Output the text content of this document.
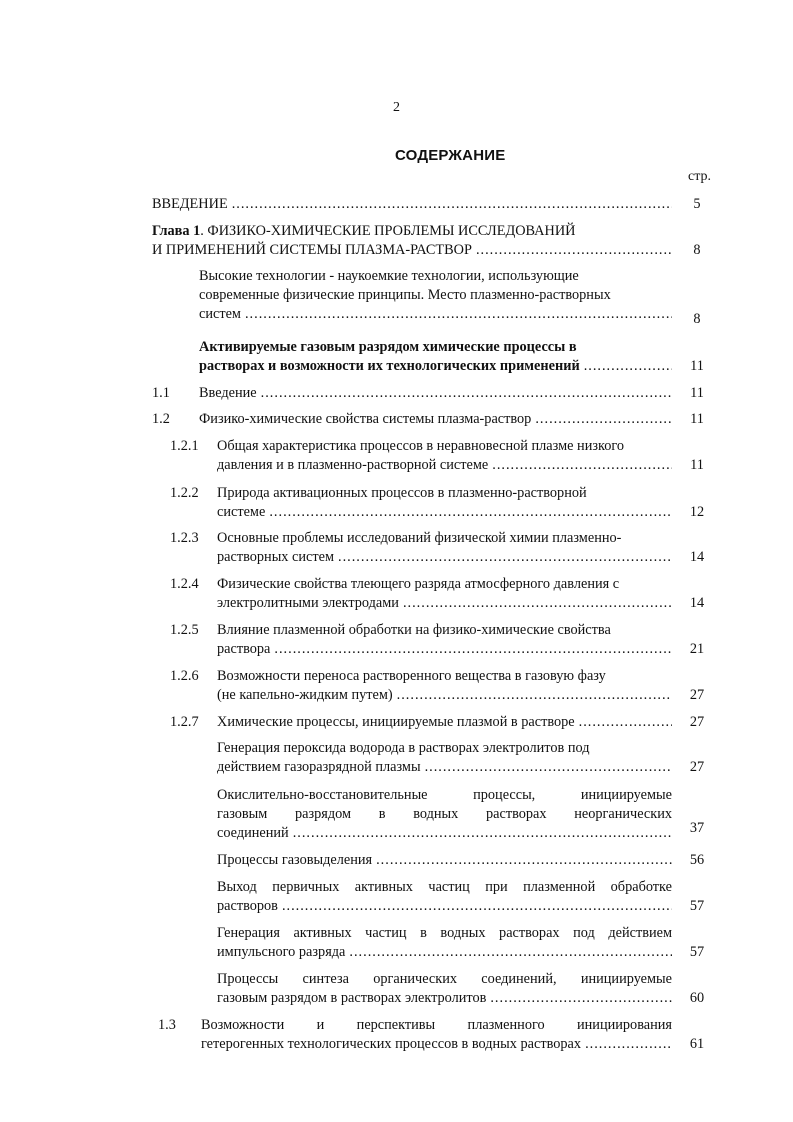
2
СОДЕРЖАНИЕ
стр.
ВВЕДЕНИЕ .....	5
Глава 1. ФИЗИКО-ХИМИЧЕСКИЕ ПРОБЛЕМЫ ИССЛЕДОВАНИЙ
И ПРИМЕНЕНИЙ СИСТЕМЫ ПЛАЗМА-РАСТВОР .....	8
Высокие технологии - наукоемкие технологии, использующие
современные физические принципы. Место плазменно-растворных
систем .....	8
Активируемые газовым разрядом химические процессы в
растворах и возможности их технологических применений .....	11
1.1 Введение .....	11
1.2 Физико-химические свойства системы плазма-раствор .....	11
1.2.1 Общая характеристика процессов в неравновесной плазме низкого
давления и в плазменно-растворной системе .....	11
1.2.2 Природа активационных процессов в плазменно-растворной
системе .....	12
1.2.3 Основные проблемы исследований физической химии плазменно-
растворных систем .....	14
1.2.4 Физические свойства тлеющего разряда атмосферного давления с
электролитными электродами .....	14
1.2.5 Влияние плазменной обработки на физико-химические свойства
раствора .....	21
1.2.6 Возможности переноса растворенного вещества в газовую фазу
(не капельно-жидким путем) .....	27
1.2.7 Химические процессы, инициируемые плазмой в растворе .....	27
Генерация пероксида водорода в растворах электролитов под
действием газоразрядной плазмы .....	27
Окислительно-восстановительные процессы, инициируемые
газовым разрядом в водных растворах неорганических
соединений .....	37
Процессы газовыделения .....	56
Выход первичных активных частиц при плазменной обработке
растворов .....	57
Генерация активных частиц в водных растворах под действием
импульсного разряда .....	57
Процессы синтеза органических соединений, инициируемые
газовым разрядом в растворах электролитов .....	60
1.3 Возможности и перспективы плазменного инициирования
гетерогенных технологических процессов в водных растворах .....	61
